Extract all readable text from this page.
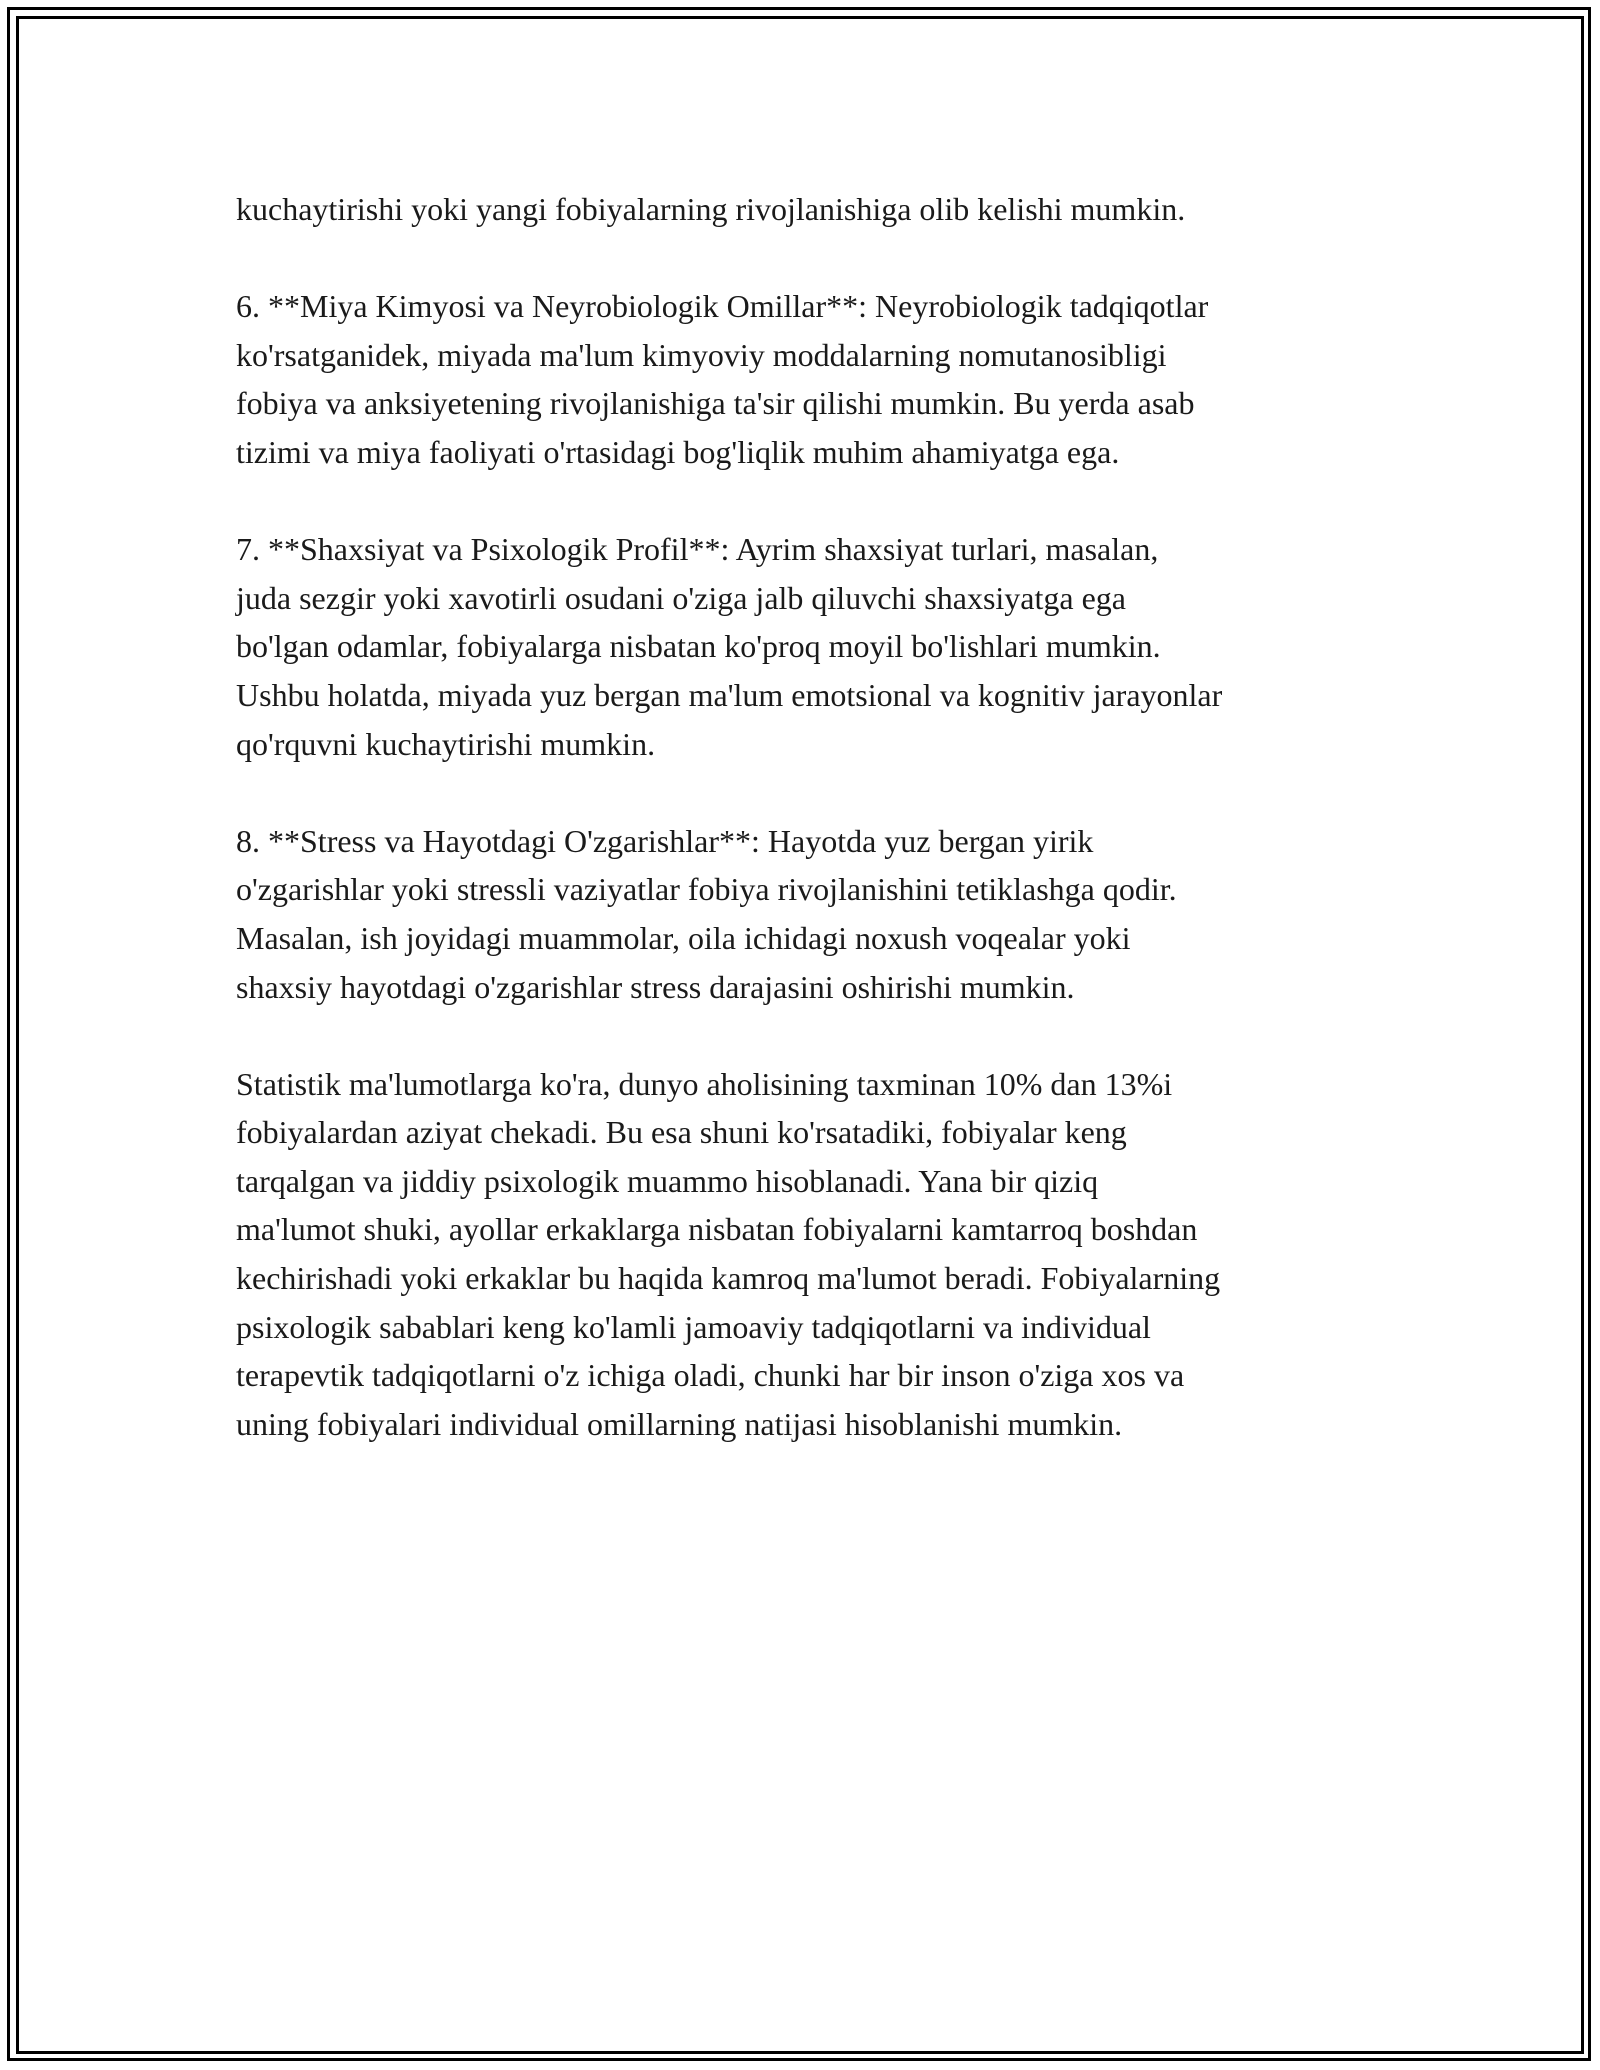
kuchaytirishi yoki yangi fobiyalarning rivojlanishiga olib kelishi mumkin.

6. **Miya Kimyosi va Neyrobiologik Omillar**: Neyrobiologik tadqiqotlar
ko'rsatganidek, miyada ma'lum kimyoviy moddalarning nomutanosibligi
fobiya va anksiyetening rivojlanishiga ta'sir qilishi mumkin. Bu yerda asab
tizimi va miya faoliyati o'rtasidagi bog'liqlik muhim ahamiyatga ega.

7. **Shaxsiyat va Psixologik Profil**: Ayrim shaxsiyat turlari, masalan,
juda sezgir yoki xavotirli osudani o'ziga jalb qiluvchi shaxsiyatga ega
bo'lgan odamlar, fobiyalarga nisbatan ko'proq moyil bo'lishlari mumkin.
Ushbu holatda, miyada yuz bergan ma'lum emotsional va kognitiv jarayonlar
qo'rquvni kuchaytirishi mumkin.

8. **Stress va Hayotdagi O'zgarishlar**: Hayotda yuz bergan yirik
o'zgarishlar yoki stressli vaziyatlar fobiya rivojlanishini tetiklashga qodir.
Masalan, ish joyidagi muammolar, oila ichidagi noxush voqealar yoki
shaxsiy hayotdagi o'zgarishlar stress darajasini oshirishi mumkin.

Statistik ma'lumotlarga ko'ra, dunyo aholisining taxminan 10% dan 13%i
fobiyalardan aziyat chekadi. Bu esa shuni ko'rsatadiki, fobiyalar keng
tarqalgan va jiddiy psixologik muammo hisoblanadi. Yana bir qiziq
ma'lumot shuki, ayollar erkaklarga nisbatan fobiyalarni kamtarroq boshdan
kechirishadi yoki erkaklar bu haqida kamroq ma'lumot beradi. Fobiyalarning
psixologik sabablari keng ko'lamli jamoaviy tadqiqotlarni va individual
terapevtik tadqiqotlarni o'z ichiga oladi, chunki har bir inson o'ziga xos va
uning fobiyalari individual omillarning natijasi hisoblanishi mumkin.
